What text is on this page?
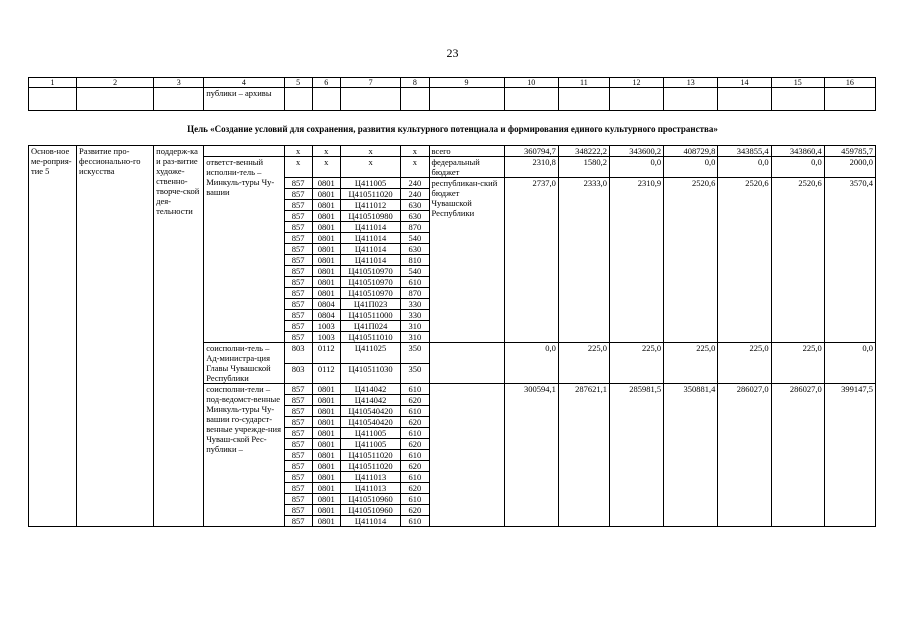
23
1	2	3	4	5	6	7	8	9	10	11	12	13	14	15	16
			публики – архивы												
Цель «Создание условий для сохранения, развития культурного потенциала и формирования единого культурного пространства»
Основ-ное ме-роприя-тие 5	Развитие про-фессионально-го искусства	поддерж-ка и раз-витие художе-ственно-творче-ской дея-тельности		х	х	х	х	всего	360794,7	348222,2	343600,2	408729,8	343855,4	343860,4	459785,7
			ответст-венный исполни-тель – Минкуль-туры Чу-вашии	х	х	х	х	федеральный бюджет	2310,8	1580,2	0,0	0,0	0,0	0,0	2000,0
				857	0801	Ц411005	240	республикан-ский бюджет Чувашской Республики	2737,0	2333,0	2310,9	2520,6	2520,6	2520,6	3570,4
				857	0801	Ц410511020	240								
				857	0801	Ц411012	630								
				857	0801	Ц410510980	630								
				857	0801	Ц411014	870								
				857	0801	Ц411014	540								
				857	0801	Ц411014	630								
				857	0801	Ц411014	810								
				857	0801	Ц410510970	540								
				857	0801	Ц410510970	610								
				857	0801	Ц410510970	870								
				857	0804	Ц41П023	330								
				857	0804	Ц410511000	330								
				857	1003	Ц41П024	310								
				857	1003	Ц410511010	310								
			соисполни-тель – Ад-министра-ция Главы Чувашской Республики	803	0112	Ц411025	350		0,0	225,0	225,0	225,0	225,0	225,0	0,0
				803	0112	Ц410511030	350								
			соисполни-тели – под-ведомст-венные Минкуль-туры Чу-вашии го-сударст-венные учрежде-ния Чуваш-ской Рес-публики –	857	0801	Ц414042	610		300594,1	287621,1	285981,5	350881,4	286027,0	286027,0	399147,5
				857	0801	Ц414042	620								
				857	0801	Ц410540420	610								
				857	0801	Ц410540420	620								
				857	0801	Ц411005	610								
				857	0801	Ц411005	620								
				857	0801	Ц410511020	610								
				857	0801	Ц410511020	620								
				857	0801	Ц411013	610								
				857	0801	Ц411013	620								
				857	0801	Ц410510960	610								
				857	0801	Ц410510960	620								
				857	0801	Ц411014	610								
